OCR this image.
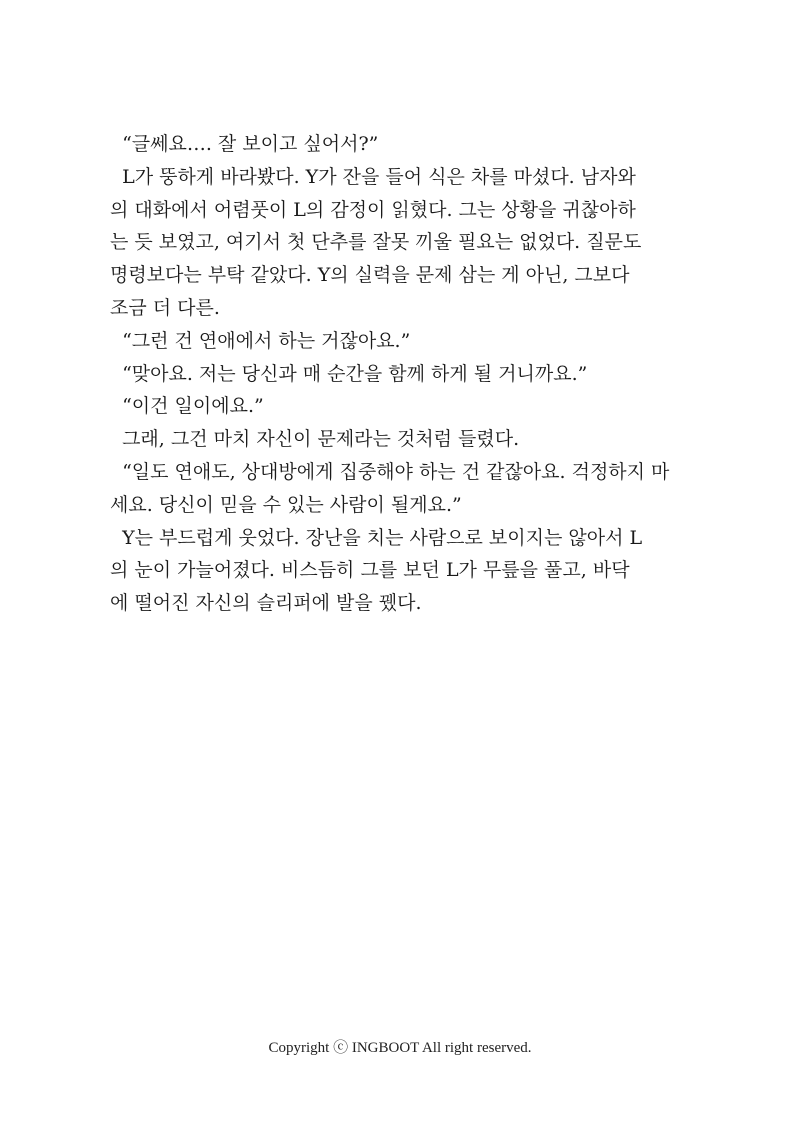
“글쎄요…. 잘 보이고 싶어서?”
L가 뚱하게 바라봤다. Y가 잔을 들어 식은 차를 마셨다. 남자와
의 대화에서 어렴풋이 L의 감정이 읽혔다. 그는 상황을 귀찮아하
는 듯 보였고, 여기서 첫 단추를 잘못 끼울 필요는 없었다. 질문도
명령보다는 부탁 같았다. Y의 실력을 문제 삼는 게 아닌, 그보다
조금 더 다른.
“그런 건 연애에서 하는 거잖아요.”
“맞아요. 저는 당신과 매 순간을 함께 하게 될 거니까요.”
“이건 일이에요.”
그래, 그건 마치 자신이 문제라는 것처럼 들렸다.
“일도 연애도, 상대방에게 집중해야 하는 건 같잖아요. 걱정하지 마
세요. 당신이 믿을 수 있는 사람이 될게요.”
Y는 부드럽게 웃었다. 장난을 치는 사람으로 보이지는 않아서 L
의 눈이 가늘어졌다. 비스듬히 그를 보던 L가 무릎을 풀고, 바닥
에 떨어진 자신의 슬리퍼에 발을 뀄다.
Copyright ⓒ INGBOOT All right reserved.
